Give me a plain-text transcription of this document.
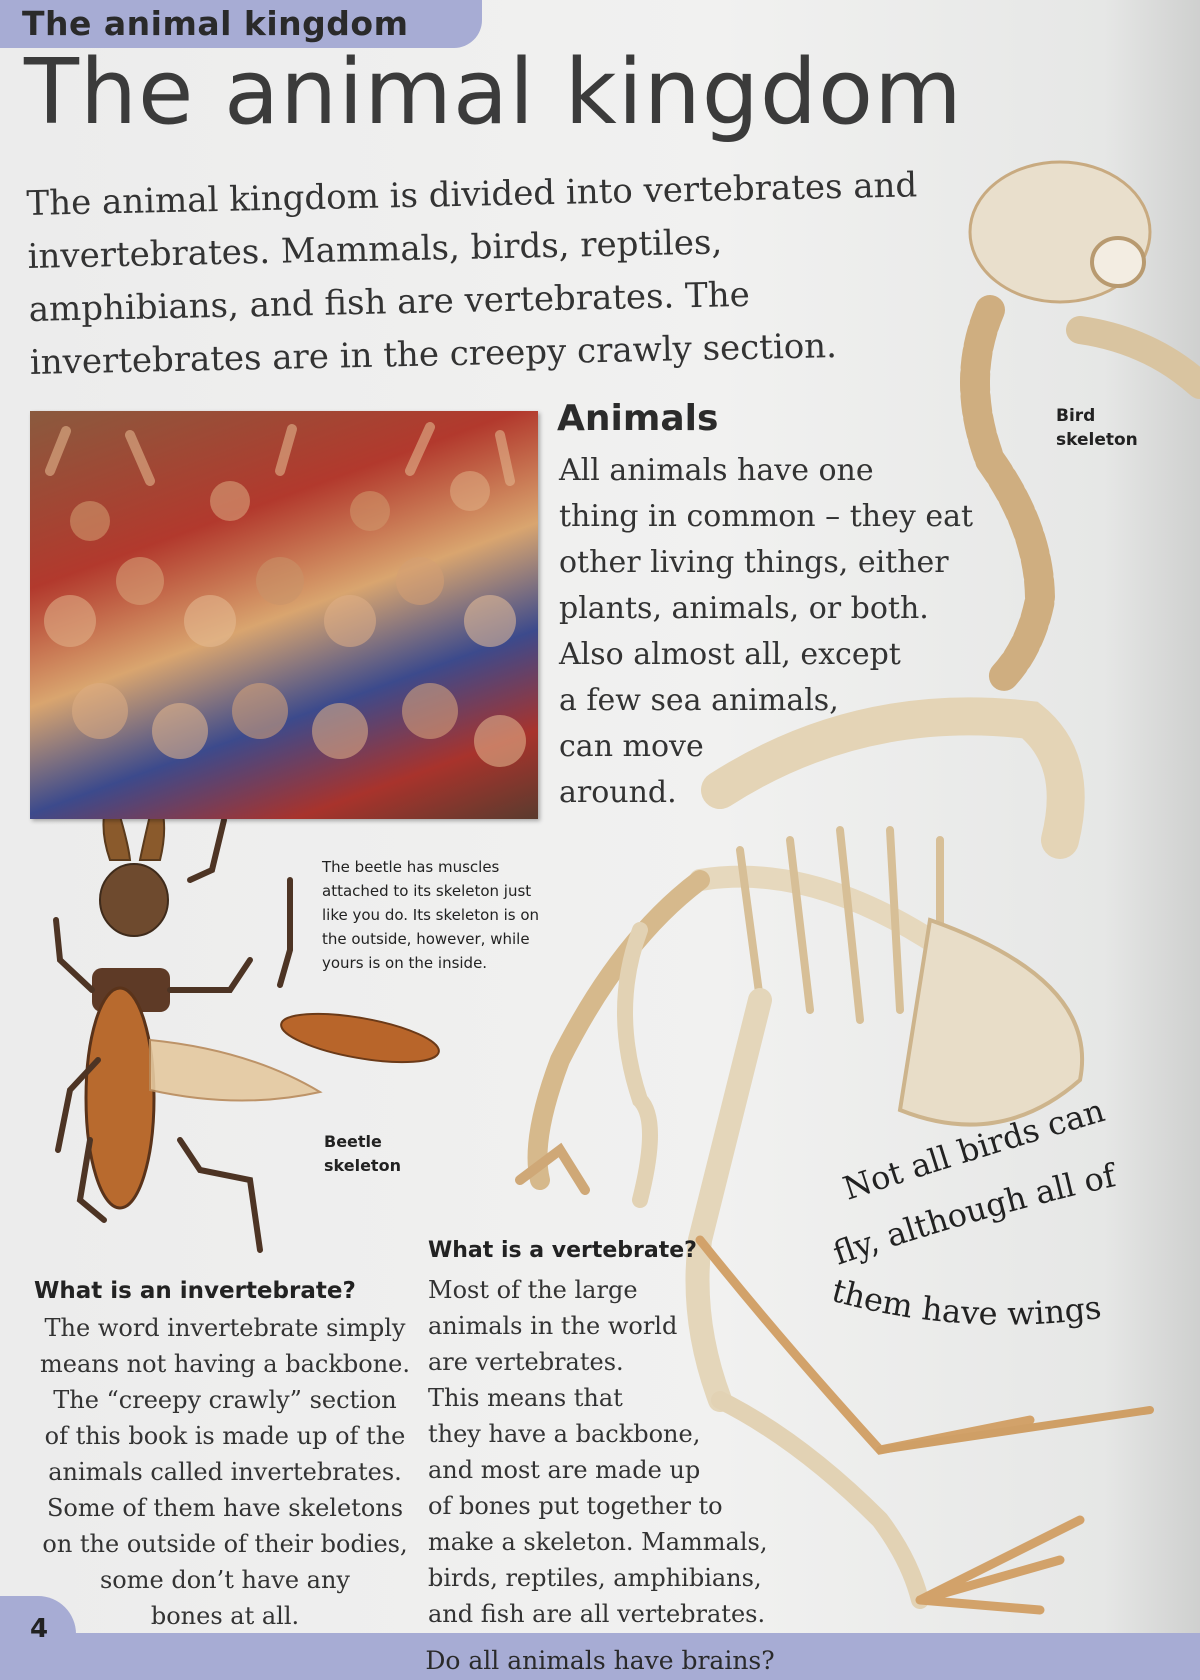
The animal kingdom
The animal kingdom

The animal kingdom is divided into vertebrates and invertebrates. Mammals, birds, reptiles, amphibians, and fish are vertebrates. The invertebrates are in the creepy crawly section.

Animals
All animals have one
thing in common – they eat
other living things, either
plants, animals, or both.
Also almost all, except
a few sea animals,
can move
around.
Bird
skeleton
The beetle has muscles
attached to its skeleton just
like you do. Its skeleton is on
the outside, however, while
yours is on the inside.
Beetle
skeleton
What is a vertebrate?
Most of the large
animals in the world
are vertebrates.
This means that
they have a backbone,
and most are made up
of bones put together to
make a skeleton. Mammals,
birds, reptiles, amphibians,
and fish are all vertebrates.
What is an invertebrate?
The word invertebrate simply
means not having a backbone.
The “creepy crawly” section
of this book is made up of the
animals called invertebrates.
Some of them have skeletons
on the outside of their bodies,
some don’t have any
bones at all.
Not all birds can
fly, although all of
them have wings
Do all animals have brains?
4
